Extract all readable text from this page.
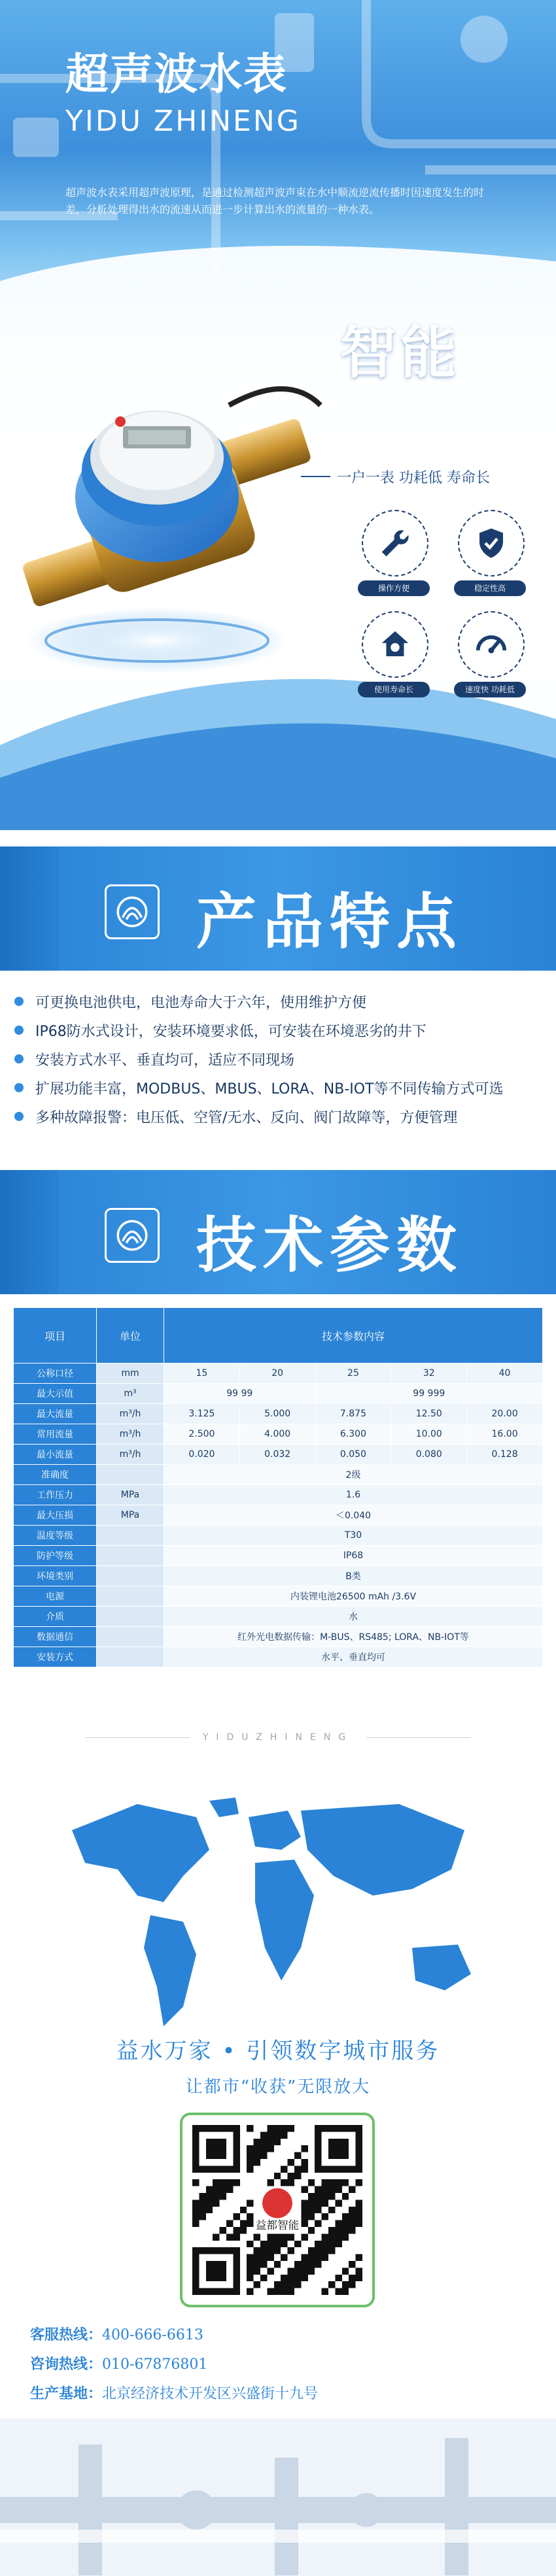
超声波水表
YIDU ZHINENG
超声波水表采用超声波原理，是通过检测超声波声束在水中顺流逆流传播时因速度发生的时差，分析处理得出水的流速从而进一步计算出水的流量的一种水表。
智能
一户一表 功耗低 寿命长
操作方便	稳定性高
使用寿命长	速度快 功耗低
产品特点
可更换电池供电，电池寿命大于六年，使用维护方便
IP68防水式设计，安装环境要求低，可安装在环境恶劣的井下
安装方式水平、垂直均可，适应不同现场
扩展功能丰富，MODBUS、MBUS、LORA、NB-IOT等不同传输方式可选
多种故障报警：电压低、空管/无水、反向、阀门故障等，方便管理
技术参数
项目	单位	技术参数内容				
公称口径	mm	15	20	25	32	40
最大示值	m³	99 99		99 999		
最大流量	m³/h	3.125	5.000	7.875	12.50	20.00
常用流量	m³/h	2.500	4.000	6.300	10.00	16.00
最小流量	m³/h	0.020	0.032	0.050	0.080	0.128
准确度		2级				
工作压力	MPa	1.6				
最大压损	MPa	＜0.040				
温度等级		T30				
防护等级		IP68				
环境类别		B类				
电源		内装锂电池26500 mAh /3.6V				
介质		水				
数据通信		红外光电数据传输：M-BUS、RS485; LORA、NB-IOT等				
安装方式		水平、垂直均可				
YIDUZHINENG
益水万家 • 引领数字城市服务
让都市“收获”无限放大
益都智能
客服热线：400-666-6613
咨询热线：010-67876801
生产基地：北京经济技术开发区兴盛街十九号
